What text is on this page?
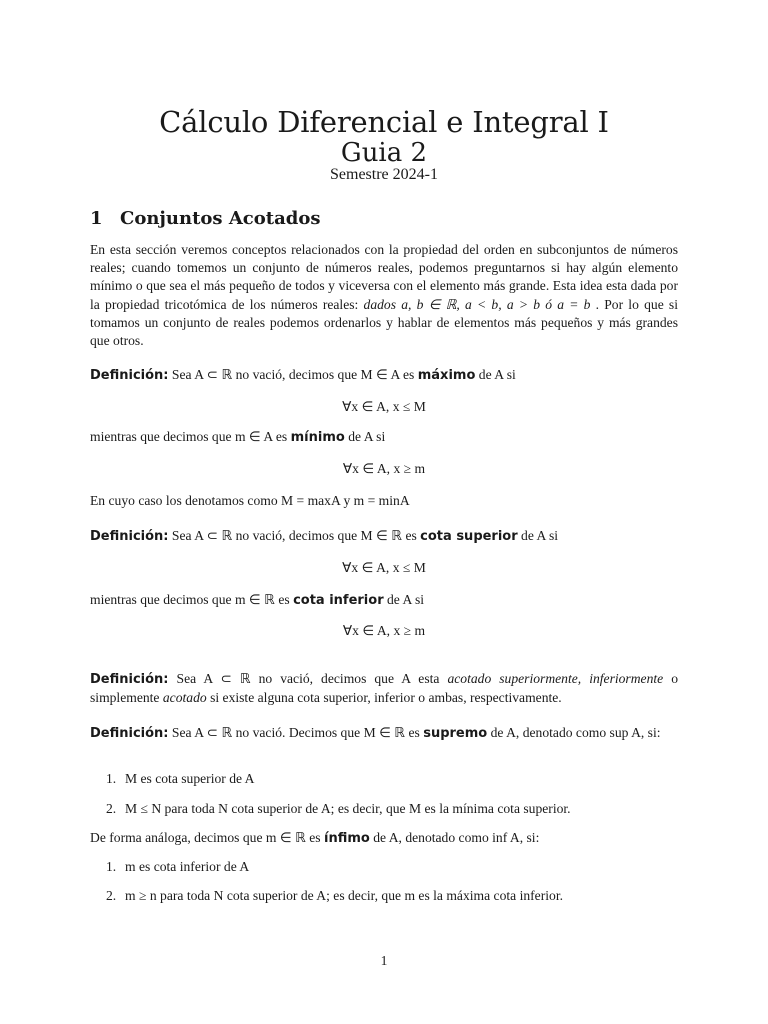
Cálculo Diferencial e Integral I
Guia 2
Semestre 2024-1
1 Conjuntos Acotados
En esta sección veremos conceptos relacionados con la propiedad del orden en subconjuntos de números reales; cuando tomemos un conjunto de números reales, podemos preguntarnos si hay algún elemento mínimo o que sea el más pequeño de todos y viceversa con el elemento más grande. Esta idea esta dada por la propiedad tricotómica de los números reales: dados a, b ∈ ℝ, a < b, a > b ó a = b . Por lo que si tomamos un conjunto de reales podemos ordenarlos y hablar de elementos más pequeños y más grandes que otros.
Definición: Sea A ⊂ ℝ no vació, decimos que M ∈ A es máximo de A si
∀x ∈ A, x ≤ M
mientras que decimos que m ∈ A es mínimo de A si
∀x ∈ A, x ≥ m
En cuyo caso los denotamos como M = maxA y m = minA
Definición: Sea A ⊂ ℝ no vació, decimos que M ∈ ℝ es cota superior de A si
∀x ∈ A, x ≤ M
mientras que decimos que m ∈ ℝ es cota inferior de A si
∀x ∈ A, x ≥ m
Definición: Sea A ⊂ ℝ no vació, decimos que A esta acotado superiormente, inferiormente o simplemente acotado si existe alguna cota superior, inferior o ambas, respectivamente.
Definición: Sea A ⊂ ℝ no vació. Decimos que M ∈ ℝ es supremo de A, denotado como sup A, si:
1. M es cota superior de A
2. M ≤ N para toda N cota superior de A; es decir, que M es la mínima cota superior.
De forma análoga, decimos que m ∈ ℝ es ínfimo de A, denotado como inf A, si:
1. m es cota inferior de A
2. m ≥ n para toda N cota superior de A; es decir, que m es la máxima cota inferior.
1
